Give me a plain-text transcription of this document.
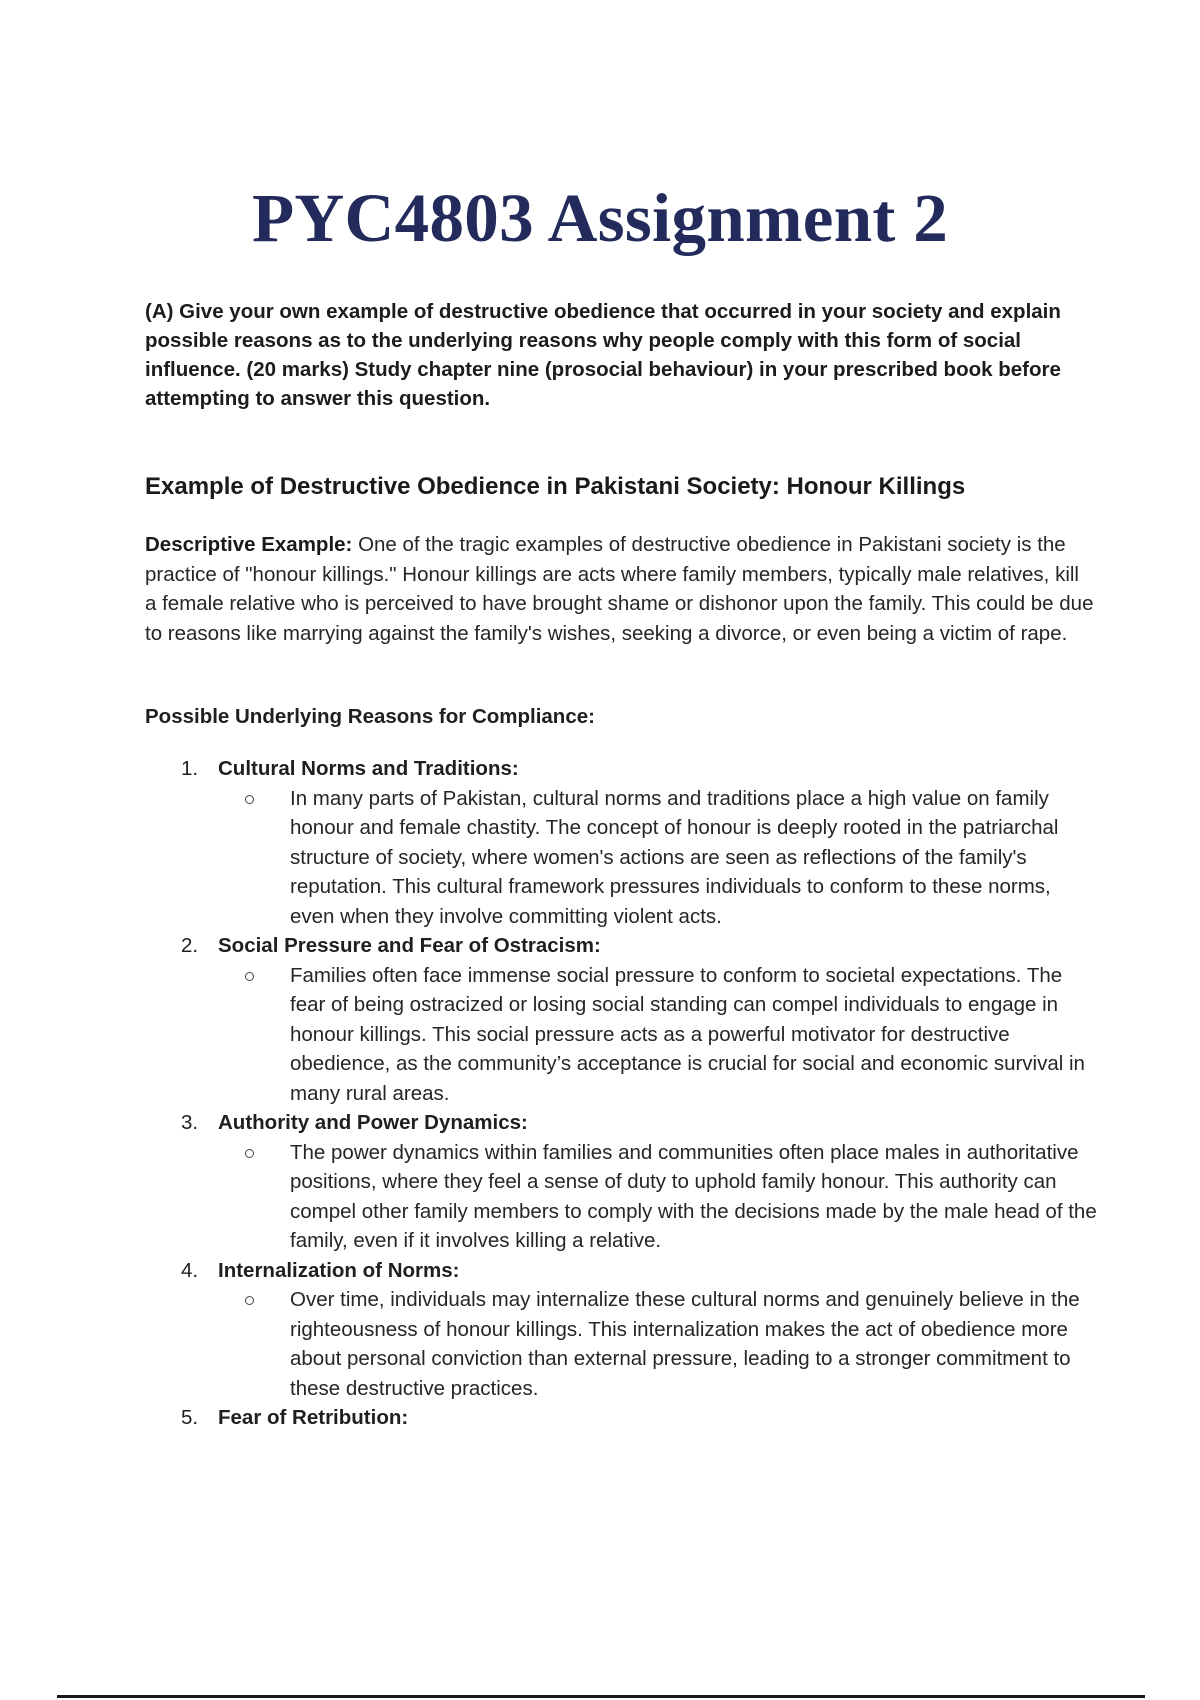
PYC4803 Assignment 2

(A) Give your own example of destructive obedience that occurred in your society and explain possible reasons as to the underlying reasons why people comply with this form of social influence. (20 marks) Study chapter nine (prosocial behaviour) in your prescribed book before attempting to answer this question.

Example of Destructive Obedience in Pakistani Society: Honour Killings

Descriptive Example: One of the tragic examples of destructive obedience in Pakistani society is the practice of "honour killings." Honour killings are acts where family members, typically male relatives, kill a female relative who is perceived to have brought shame or dishonor upon the family. This could be due to reasons like marrying against the family's wishes, seeking a divorce, or even being a victim of rape.

Possible Underlying Reasons for Compliance:

1. Cultural Norms and Traditions:
In many parts of Pakistan, cultural norms and traditions place a high value on family honour and female chastity. The concept of honour is deeply rooted in the patriarchal structure of society, where women's actions are seen as reflections of the family's reputation. This cultural framework pressures individuals to conform to these norms, even when they involve committing violent acts.
2. Social Pressure and Fear of Ostracism:
Families often face immense social pressure to conform to societal expectations. The fear of being ostracized or losing social standing can compel individuals to engage in honour killings. This social pressure acts as a powerful motivator for destructive obedience, as the community’s acceptance is crucial for social and economic survival in many rural areas.
3. Authority and Power Dynamics:
The power dynamics within families and communities often place males in authoritative positions, where they feel a sense of duty to uphold family honour. This authority can compel other family members to comply with the decisions made by the male head of the family, even if it involves killing a relative.
4. Internalization of Norms:
Over time, individuals may internalize these cultural norms and genuinely believe in the righteousness of honour killings. This internalization makes the act of obedience more about personal conviction than external pressure, leading to a stronger commitment to these destructive practices.
5. Fear of Retribution:
